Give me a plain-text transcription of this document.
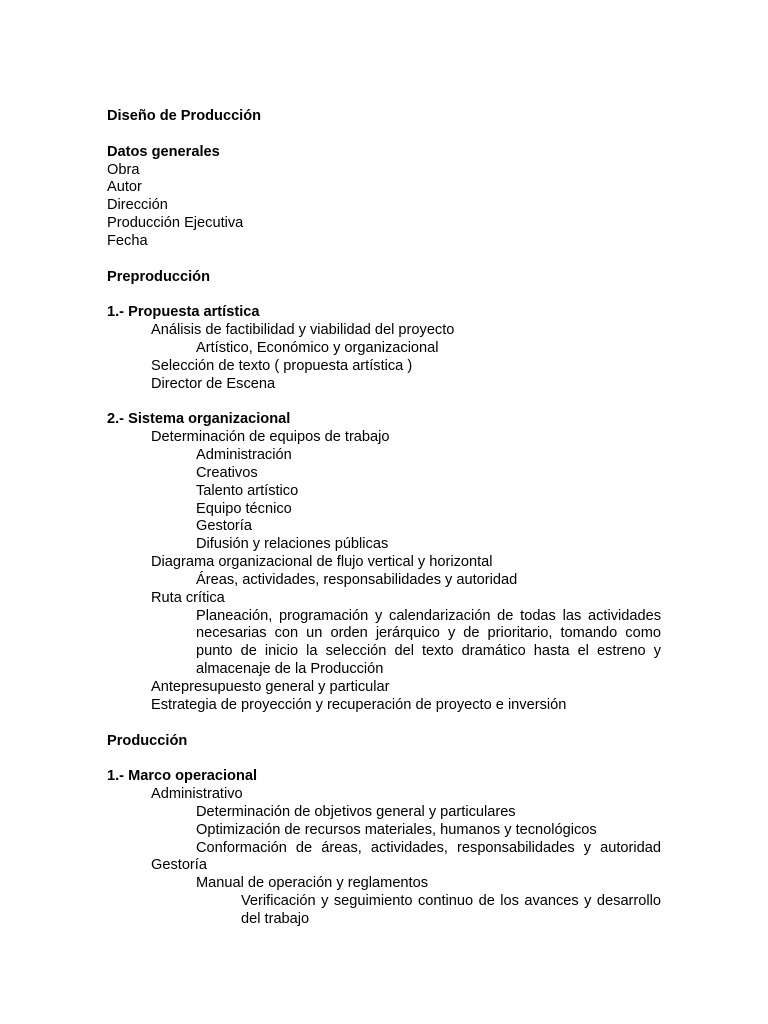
Diseño de Producción
Datos generales
Obra
Autor
Dirección
Producción Ejecutiva
Fecha
Preproducción
1.- Propuesta artística
Análisis de factibilidad y viabilidad del proyecto
Artístico, Económico y organizacional
Selección de texto ( propuesta artística )
Director de Escena
2.- Sistema organizacional
Determinación de equipos de trabajo
Administración
Creativos
Talento artístico
Equipo técnico
Gestoría
Difusión y relaciones públicas
Diagrama organizacional de flujo vertical y horizontal
Áreas, actividades, responsabilidades y autoridad
Ruta crítica
Planeación, programación y calendarización de todas las actividades necesarias con un orden jerárquico y de prioritario, tomando como punto de inicio la selección del texto dramático hasta el estreno y almacenaje de la Producción
Antepresupuesto general y particular
Estrategia de proyección y recuperación de proyecto e inversión
Producción
1.- Marco operacional
Administrativo
Determinación de objetivos general y particulares
Optimización de recursos materiales, humanos y tecnológicos
Conformación de áreas, actividades, responsabilidades y autoridad
Gestoría
Manual de operación y reglamentos
Verificación y seguimiento continuo de los avances y desarrollo del trabajo
